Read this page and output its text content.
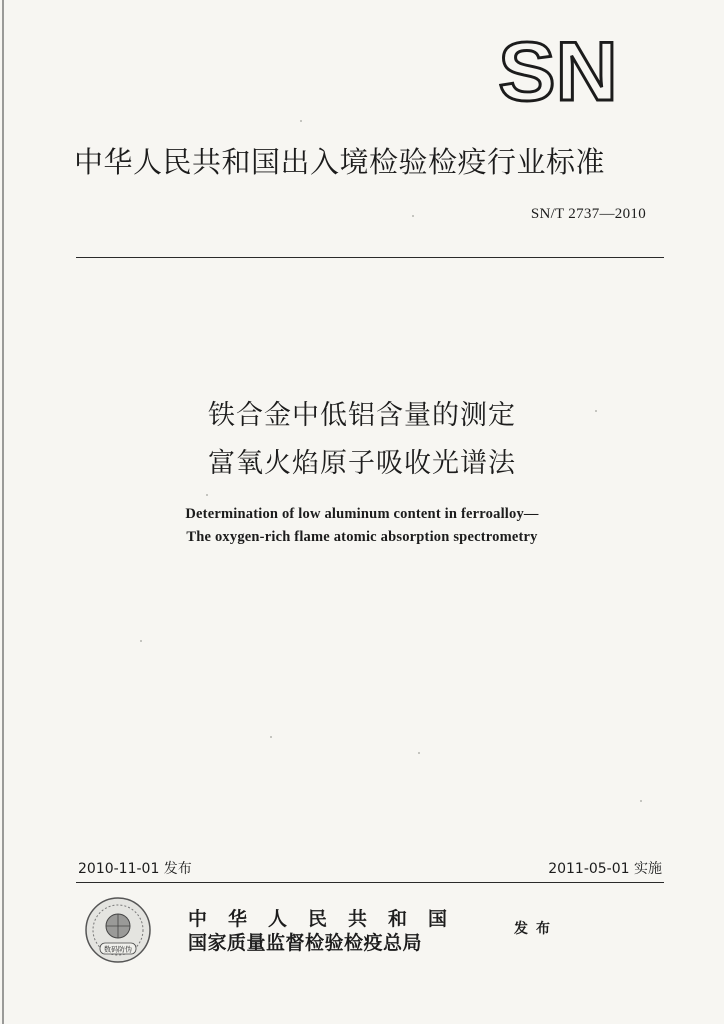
SN
中华人民共和国出入境检验检疫行业标准
SN/T 2737—2010
铁合金中低铝含量的测定
富氧火焰原子吸收光谱法
Determination of low aluminum content in ferroalloy—
The oxygen-rich flame atomic absorption spectrometry
2010-11-01 发布	2011-05-01 实施
数码防伪
中华人民共和国
国家质量监督检验检疫总局
发布
